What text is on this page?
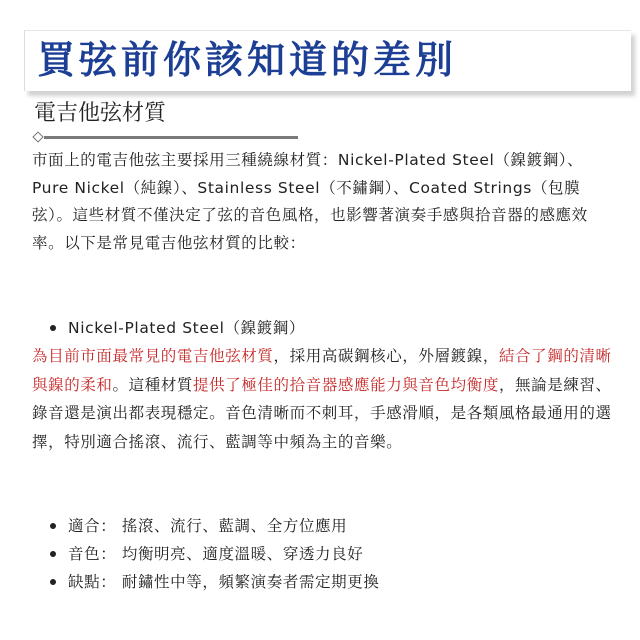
買弦前你該知道的差別
電吉他弦材質

市面上的電吉他弦主要採用三種繞線材質：Nickel-Plated Steel（鎳鍍鋼）、Pure Nickel（純鎳）、Stainless Steel（不鏽鋼）、Coated Strings（包膜弦）。這些材質不僅決定了弦的音色風格，也影響著演奏手感與拾音器的感應效率。以下是常見電吉他弦材質的比較：

Nickel-Plated Steel（鎳鍍鋼）

為目前市面最常見的電吉他弦材質，採用高碳鋼核心，外層鍍鎳，結合了鋼的清晰與鎳的柔和。這種材質提供了極佳的拾音器感應能力與音色均衡度，無論是練習、錄音還是演出都表現穩定。音色清晰而不刺耳，手感滑順，是各類風格最通用的選擇，特別適合搖滾、流行、藍調等中頻為主的音樂。

適合： 搖滾、流行、藍調、全方位應用
音色： 均衡明亮、適度溫暖、穿透力良好
缺點： 耐鏽性中等，頻繁演奏者需定期更換
